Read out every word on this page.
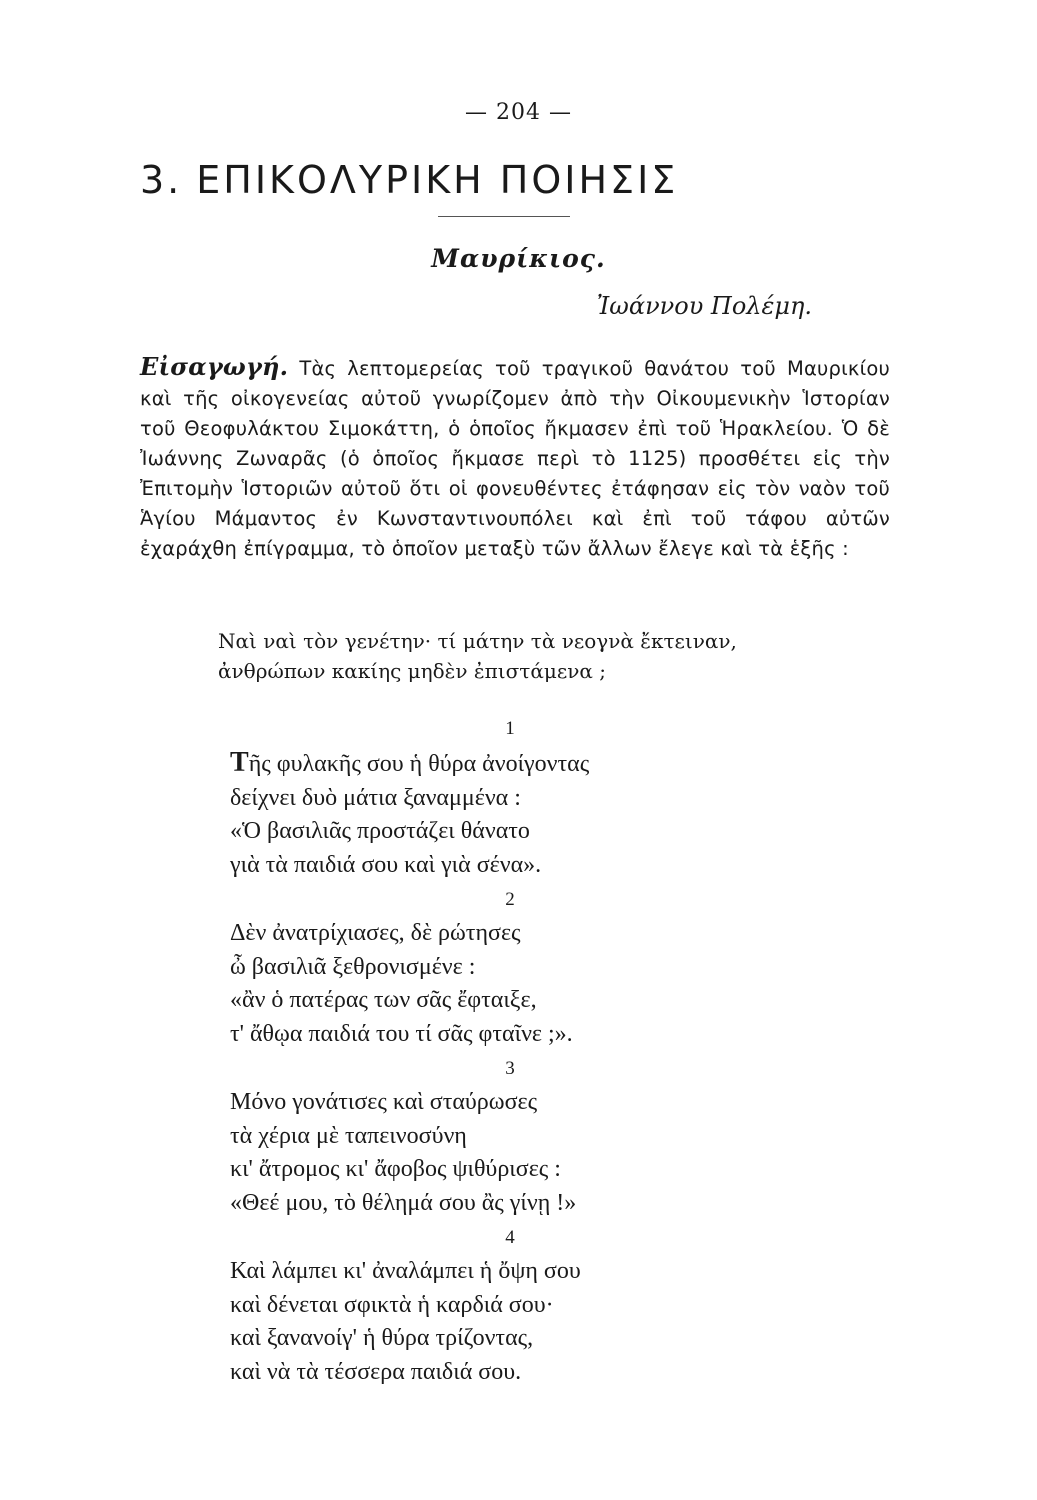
— 204 —
3. ΕΠΙΚΟΛΥΡΙΚΗ ΠΟΙΗΣΙΣ
Μαυρίκιος.
Ἰωάννου Πολέμη.
Εἰσαγωγή. Τὰς λεπτομερείας τοῦ τραγικοῦ θανάτου τοῦ Μαυρικίου καὶ τῆς οἰκογενείας αὐτοῦ γνωρίζομεν ἀπὸ τὴν Οἰκουμενικὴν Ἱστορίαν τοῦ Θεοφυλάκτου Σιμοκάττη, ὁ ὁποῖος ἤκμασεν ἐπὶ τοῦ Ἡρακλείου. Ὁ δὲ Ἰωάννης Ζωναρᾶς (ὁ ὁποῖος ἤκμασε περὶ τὸ 1125) προσθέτει εἰς τὴν Ἐπιτομὴν Ἱστοριῶν αὐτοῦ ὅτι οἱ φονευθέντες ἐτάφησαν εἰς τὸν ναὸν τοῦ Ἁγίου Μάμαντος ἐν Κωνσταντινουπόλει καὶ ἐπὶ τοῦ τάφου αὐτῶν ἐχαράχθη ἐπίγραμμα, τὸ ὁποῖον μεταξὺ τῶν ἄλλων ἔλεγε καὶ τὰ ἑξῆς :
Ναὶ ναὶ τὸν γενέτην· τί μάτην τὰ νεογνὰ ἔκτειναν,
ἀνθρώπων κακίης μηδὲν ἐπιστάμενα ;
1
Τῆς φυλακῆς σου ἡ θύρα ἀνοίγοντας
δείχνει δυὸ μάτια ξαναμμένα :
«Ὁ βασιλιᾶς προστάζει θάνατο
γιὰ τὰ παιδιά σου καὶ γιὰ σένα».
2
Δὲν ἀνατρίχιασες, δὲ ρώτησες
ὦ βασιλιᾶ ξεθρονισμένε :
«ἂν ὁ πατέρας των σᾶς ἔφταιξε,
τ' ἄθῳα παιδιά του τί σᾶς φταῖνε ;».
3
Μόνο γονάτισες καὶ σταύρωσες
τὰ χέρια μὲ ταπεινοσύνη
κι' ἄτρομος κι' ἄφοβος ψιθύρισες :
«Θεέ μου, τὸ θέλημά σου ἂς γίνῃ !»
4
Καὶ λάμπει κι' ἀναλάμπει ἡ ὄψη σου
καὶ δένεται σφικτὰ ἡ καρδιά σου·
καὶ ξανανοίγ' ἡ θύρα τρίζοντας,
καὶ νὰ τὰ τέσσερα παιδιά σου.
